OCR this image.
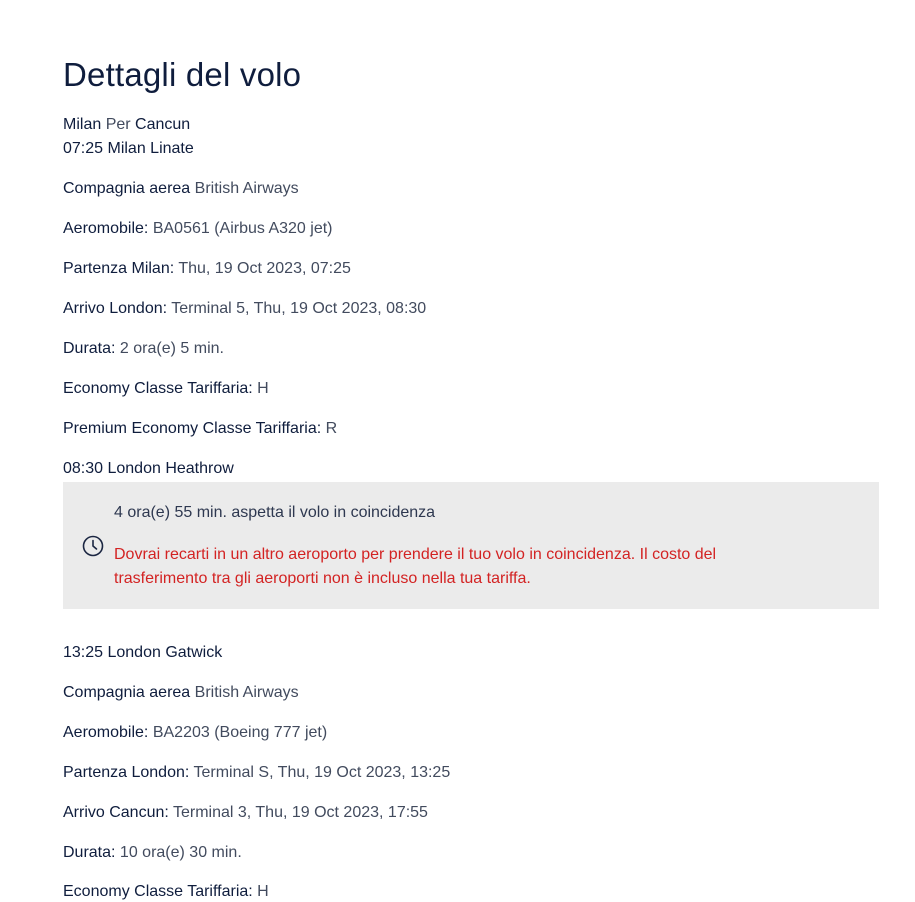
Dettagli del volo
Milan Per Cancun
07:25 Milan Linate
Compagnia aerea British Airways
Aeromobile: BA0561 (Airbus A320 jet)
Partenza Milan: Thu, 19 Oct 2023, 07:25
Arrivo London: Terminal 5, Thu, 19 Oct 2023, 08:30
Durata: 2 ora(e) 5 min.
Economy Classe Tariffaria: H
Premium Economy Classe Tariffaria: R
08:30 London Heathrow
4 ora(e) 55 min. aspetta il volo in coincidenza
Dovrai recarti in un altro aeroporto per prendere il tuo volo in coincidenza. Il costo del trasferimento tra gli aeroporti non è incluso nella tua tariffa.
13:25 London Gatwick
Compagnia aerea British Airways
Aeromobile: BA2203 (Boeing 777 jet)
Partenza London: Terminal S, Thu, 19 Oct 2023, 13:25
Arrivo Cancun: Terminal 3, Thu, 19 Oct 2023, 17:55
Durata: 10 ora(e) 30 min.
Economy Classe Tariffaria: H
